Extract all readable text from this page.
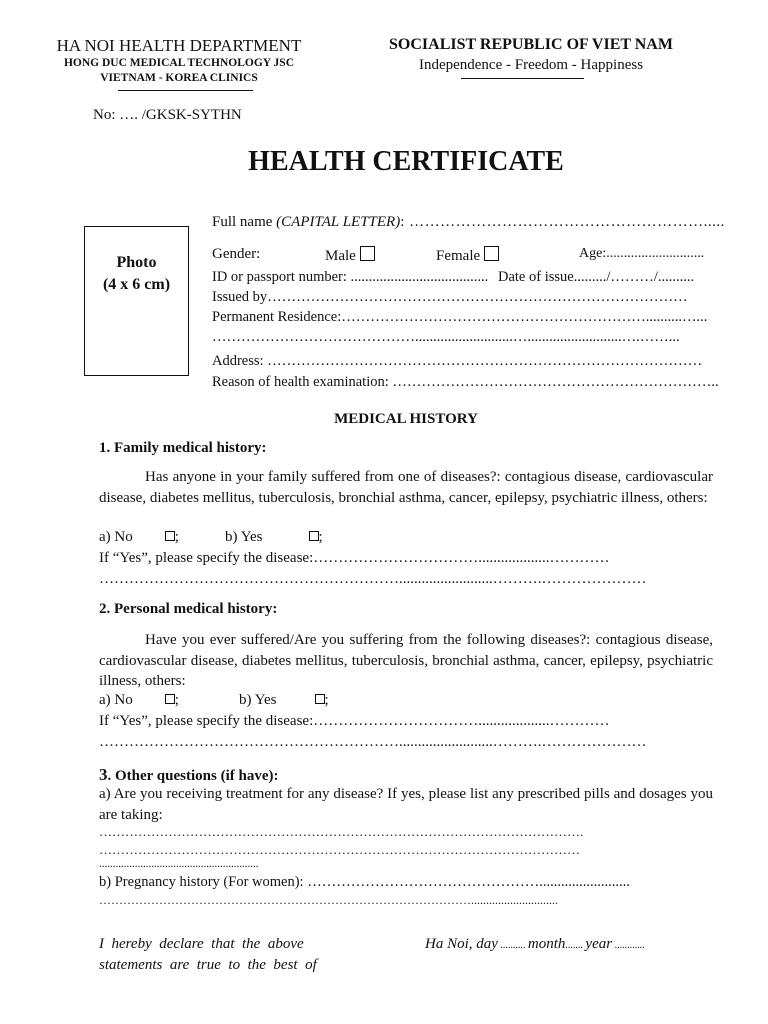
HA NOI HEALTH DEPARTMENT
HONG DUC MEDICAL TECHNOLOGY JSC
VIETNAM - KOREA CLINICS
SOCIALIST REPUBLIC OF VIET NAM
Independence - Freedom - Happiness
No: …. /GKSK-SYTHN
HEALTH CERTIFICATE
Photo
(4 x 6 cm)
Full name (CAPITAL LETTER): ………………………………………………….....
Gender:	Male	Female	Age:............................
ID or passport number: ...................................... Date of issue........./………/..........
Issued by……………………………………………………………………………
Permanent Residence:………………………………………………………..........…...
……………………………………...........................…..........................….……...
Address: ………………………………………………………………………………
Reason of health examination: …………………………………………………………..
MEDICAL HISTORY
1. Family medical history:
Has anyone in your family suffered from one of diseases?: contagious disease, cardiovascular disease, diabetes mellitus, tuberculosis, bronchial asthma, cancer, epilepsy, psychiatric illness, others:
a) No	;	b) Yes	;
If “Yes”, please specify the disease:……………………………...................…………
…………………………………………………….........................……….…………………
2. Personal medical history:
Have you ever suffered/Are you suffering from the following diseases?: contagious disease, cardiovascular disease, diabetes mellitus, tuberculosis, bronchial asthma, cancer, epilepsy, psychiatric illness, others:
a) No	;	b) Yes	;
If “Yes”, please specify the disease:……………………………...................…………
…………………………………………………….........................……….…………………
3. Other questions (if have):
a) Are you receiving treatment for any disease? If yes, please list any prescribed pills and dosages you are taking:
………………………………………………………………………………………………….
…………………………………………………………………………………………………
..........................................................
b) Pregnancy history (For women): ………………………………………….........................
………………………………………………………………………………….............................
I  hereby  declare  that  the  above
statements  are  true  to  the  best  of
Ha Noi, day .......... month....... year ............
